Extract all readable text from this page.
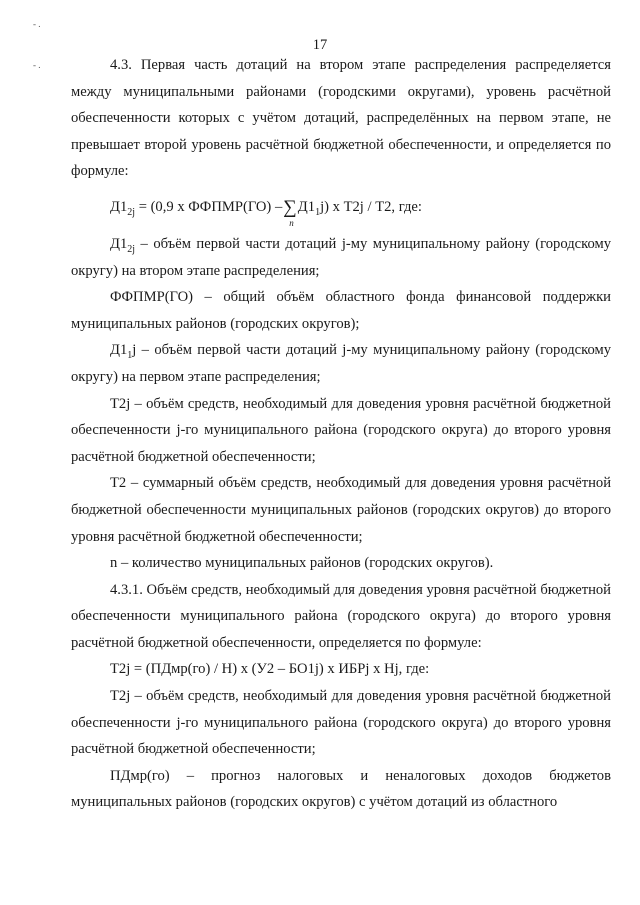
17
- .
- .	4.3. Первая часть дотаций на втором этапе распределения распределяется между муниципальными районами (городскими округами), уровень расчётной обеспеченности которых с учётом дотаций, распределённых на первом этапе, не превышает второй уровень расчётной бюджетной обеспеченности, и определяется по формуле:

$Д1_{2j} = (0,9$ х ФФПМР(ГО) –∑
n
$Д1_1j$) х Т2j / Т2, где:

$Д1_{2j}$ – объём первой части дотаций j-му муниципальному району (городскому округу) на втором этапе распределения;

ФФПМР(ГО) – общий объём областного фонда финансовой поддержки муниципальных районов (городских округов);

$Д1_1j$ – объём первой части дотаций j-му муниципальному району (городскому округу) на первом этапе распределения;

Т2j – объём средств, необходимый для доведения уровня расчётной бюджетной обеспеченности j-го муниципального района (городского округа) до второго уровня расчётной бюджетной обеспеченности;

Т2 – суммарный объём средств, необходимый для доведения уровня расчётной бюджетной обеспеченности муниципальных районов (городских округов) до второго уровня расчётной бюджетной обеспеченности;

n – количество муниципальных районов (городских округов).

4.3.1. Объём средств, необходимый для доведения уровня расчётной бюджетной обеспеченности муниципального района (городского округа) до второго уровня расчётной бюджетной обеспеченности, определяется по формуле:

Т2j = (ПДмр(го) / Н) х (У2 – БО1j) х ИБРj х Нj, где:

Т2j – объём средств, необходимый для доведения уровня расчётной бюджетной обеспеченности j-го муниципального района (городского округа) до второго уровня расчётной бюджетной обеспеченности;

ПДмр(го) – прогноз налоговых и неналоговых доходов бюджетов муниципальных районов (городских округов) с учётом дотаций из областного
